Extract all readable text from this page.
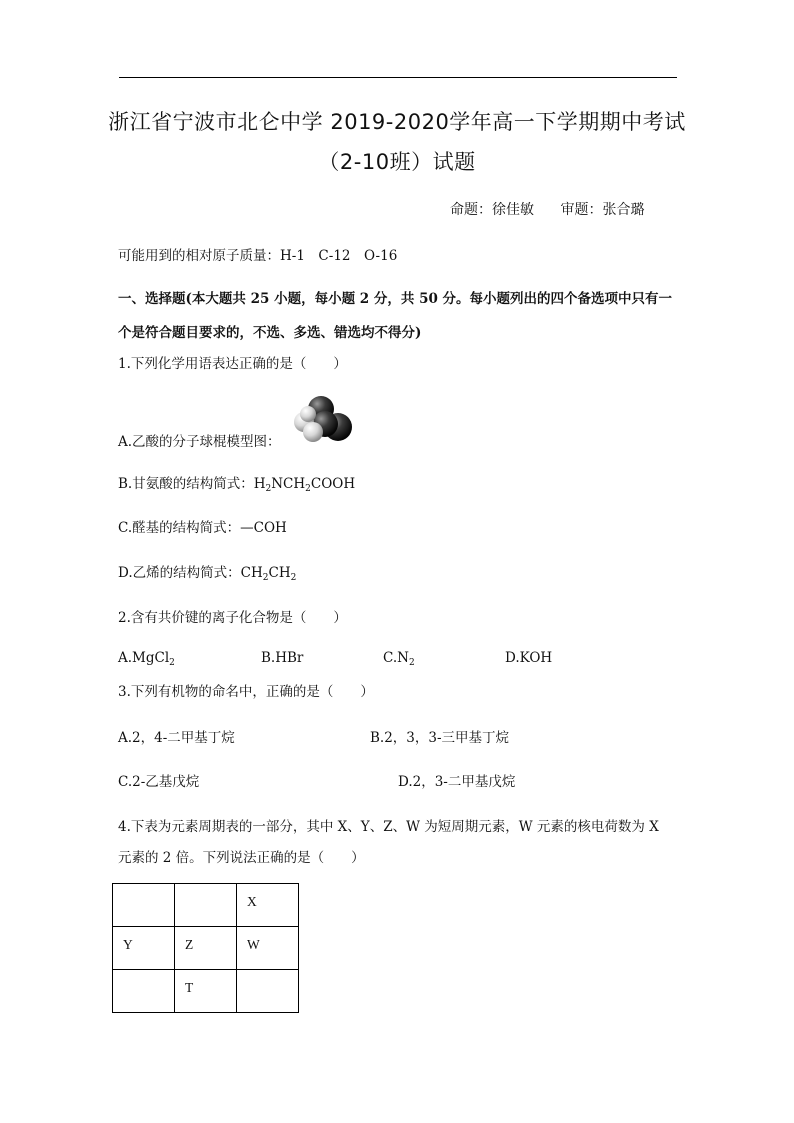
浙江省宁波市北仑中学 2019-2020学年高一下学期期中考试
（2-10班）试题
命题：徐佳敏 审题：张合璐
可能用到的相对原子质量：H-1　C-12　O-16
一、选择题(本大题共 25 小题，每小题 2 分，共 50 分。每小题列出的四个备选项中只有一
个是符合题目要求的，不选、多选、错选均不得分)
1.下列化学用语表达正确的是（　　）
A.乙酸的分子球棍模型图：
B.甘氨酸的结构简式：$H_2NCH_2COOH$
C.醛基的结构简式：—COH
D.乙烯的结构简式：$CH_2CH_2$
2.含有共价键的离子化合物是（　　）
A.MgCl$_2$	B.HBr	$C.N_2$	D.KOH
3.下列有机物的命名中，正确的是（　　）
A.2，4-二甲基丁烷	B.2，3，3-三甲基丁烷
C.2-乙基戊烷	D.2，3-二甲基戊烷
4.下表为元素周期表的一部分，其中 X、Y、Z、W 为短周期元素，W 元素的核电荷数为 X
元素的 2 倍。下列说法正确的是（　　）
		X
Y	Z	W
	T	
